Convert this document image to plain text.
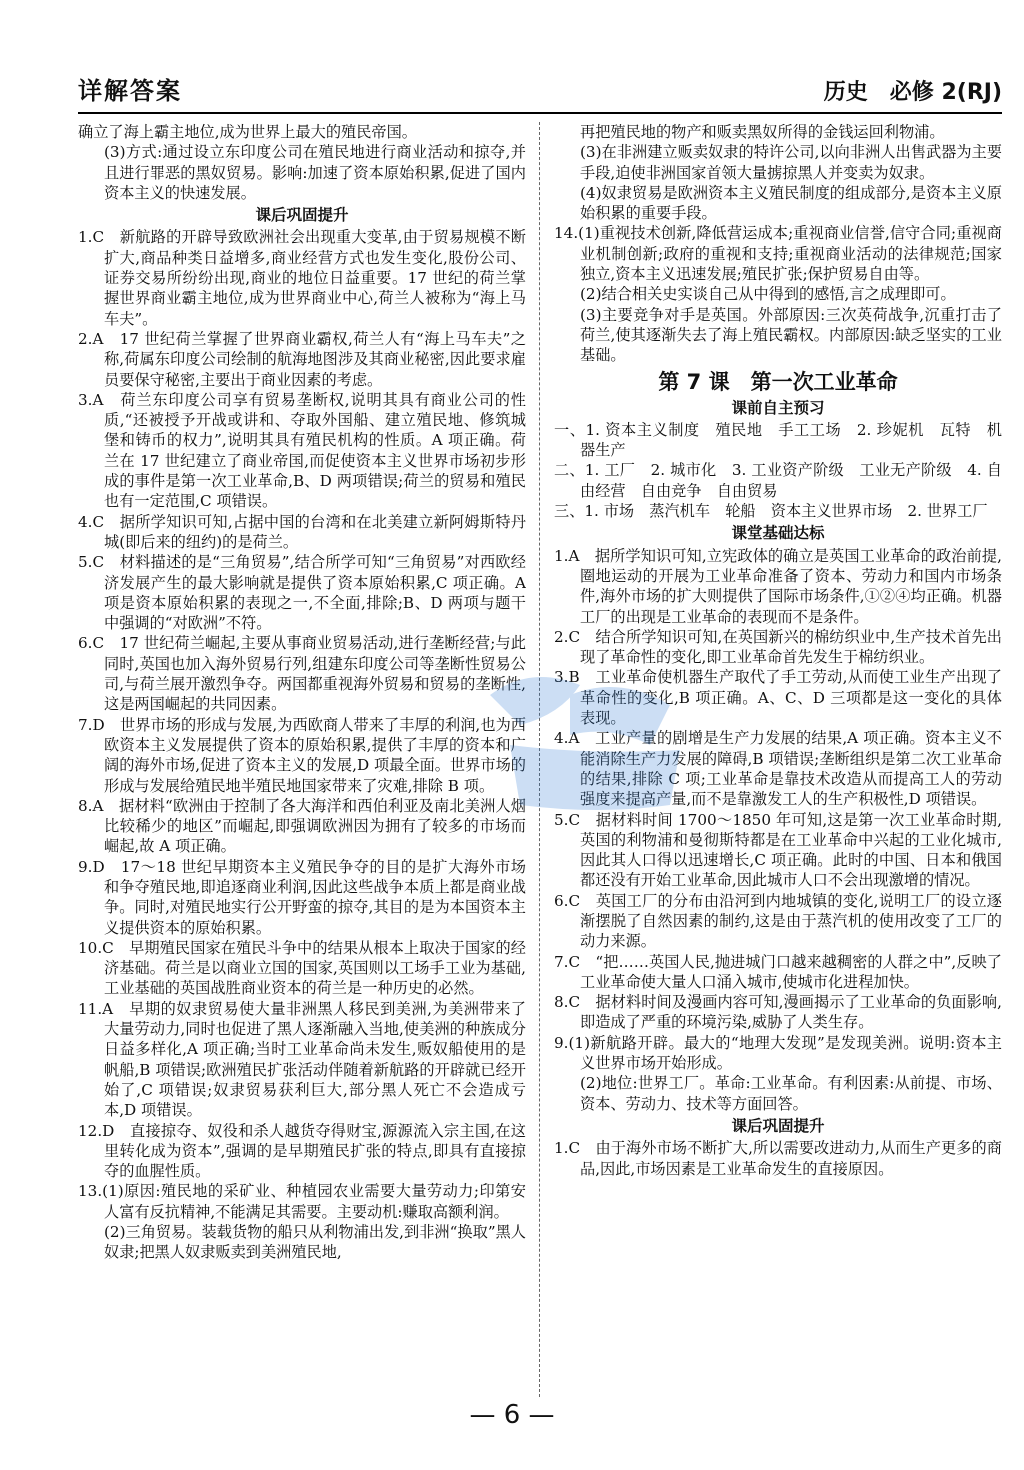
详解答案	历史　必修 2(RJ)
确立了海上霸主地位,成为世界上最大的殖民帝国。
(3)方式:通过设立东印度公司在殖民地进行商业活动和掠夺,并且进行罪恶的黑奴贸易。影响:加速了资本原始积累,促进了国内资本主义的快速发展。
课后巩固提升
1.C　新航路的开辟导致欧洲社会出现重大变革,由于贸易规模不断扩大,商品种类日益增多,商业经营方式也发生变化,股份公司、证券交易所纷纷出现,商业的地位日益重要。17 世纪的荷兰掌握世界商业霸主地位,成为世界商业中心,荷兰人被称为“海上马车夫”。
2.A　17 世纪荷兰掌握了世界商业霸权,荷兰人有“海上马车夫”之称,荷属东印度公司绘制的航海地图涉及其商业秘密,因此要求雇员要保守秘密,主要出于商业因素的考虑。
3.A　荷兰东印度公司享有贸易垄断权,说明其具有商业公司的性质,“还被授予开战或讲和、夺取外国船、建立殖民地、修筑城堡和铸币的权力”,说明其具有殖民机构的性质。A 项正确。荷兰在 17 世纪建立了商业帝国,而促使资本主义世界市场初步形成的事件是第一次工业革命,B、D 两项错误;荷兰的贸易和殖民也有一定范围,C 项错误。
4.C　据所学知识可知,占据中国的台湾和在北美建立新阿姆斯特丹城(即后来的纽约)的是荷兰。
5.C　材料描述的是“三角贸易”,结合所学可知“三角贸易”对西欧经济发展产生的最大影响就是提供了资本原始积累,C 项正确。A 项是资本原始积累的表现之一,不全面,排除;B、D 两项与题干中强调的“对欧洲”不符。
6.C　17 世纪荷兰崛起,主要从事商业贸易活动,进行垄断经营;与此同时,英国也加入海外贸易行列,组建东印度公司等垄断性贸易公司,与荷兰展开激烈争夺。两国都重视海外贸易和贸易的垄断性,这是两国崛起的共同因素。
7.D　世界市场的形成与发展,为西欧商人带来了丰厚的利润,也为西欧资本主义发展提供了资本的原始积累,提供了丰厚的资本和广阔的海外市场,促进了资本主义的发展,D 项最全面。世界市场的形成与发展给殖民地半殖民地国家带来了灾难,排除 B 项。
8.A　据材料“欧洲由于控制了各大海洋和西伯利亚及南北美洲人烟比较稀少的地区”而崛起,即强调欧洲因为拥有了较多的市场而崛起,故 A 项正确。
9.D　17～18 世纪早期资本主义殖民争夺的目的是扩大海外市场和争夺殖民地,即追逐商业利润,因此这些战争本质上都是商业战争。同时,对殖民地实行公开野蛮的掠夺,其目的是为本国资本主义提供资本的原始积累。
10.C　早期殖民国家在殖民斗争中的结果从根本上取决于国家的经济基础。荷兰是以商业立国的国家,英国则以工场手工业为基础,工业基础的英国战胜商业资本的荷兰是一种历史的必然。
11.A　早期的奴隶贸易使大量非洲黑人移民到美洲,为美洲带来了大量劳动力,同时也促进了黑人逐渐融入当地,使美洲的种族成分日益多样化,A 项正确;当时工业革命尚未发生,贩奴船使用的是帆船,B 项错误;欧洲殖民扩张活动伴随着新航路的开辟就已经开始了,C 项错误;奴隶贸易获利巨大,部分黑人死亡不会造成亏本,D 项错误。
12.D　直接掠夺、奴役和杀人越货夺得财宝,源源流入宗主国,在这里转化成为资本”,强调的是早期殖民扩张的特点,即具有直接掠夺的血腥性质。
13.(1)原因:殖民地的采矿业、种植园农业需要大量劳动力;印第安人富有反抗精神,不能满足其需要。主要动机:赚取高额利润。
(2)三角贸易。装载货物的船只从利物浦出发,到非洲“换取”黑人奴隶;把黑人奴隶贩卖到美洲殖民地,
再把殖民地的物产和贩卖黑奴所得的金钱运回利物浦。
(3)在非洲建立贩卖奴隶的特许公司,以向非洲人出售武器为主要手段,迫使非洲国家首领大量掳掠黑人并变卖为奴隶。
(4)奴隶贸易是欧洲资本主义殖民制度的组成部分,是资本主义原始积累的重要手段。
14.(1)重视技术创新,降低营运成本;重视商业信誉,信守合同;重视商业机制创新;政府的重视和支持;重视商业活动的法律规范;国家独立,资本主义迅速发展;殖民扩张;保护贸易自由等。
(2)结合相关史实谈自己从中得到的感悟,言之成理即可。
(3)主要竞争对手是英国。外部原因:三次英荷战争,沉重打击了荷兰,使其逐渐失去了海上殖民霸权。内部原因:缺乏坚实的工业基础。
第 7 课　第一次工业革命
课前自主预习
一、1. 资本主义制度　殖民地　手工工场　2. 珍妮机　瓦特　机器生产
二、1. 工厂　2. 城市化　3. 工业资产阶级　工业无产阶级　4. 自由经营　自由竞争　自由贸易
三、1. 市场　蒸汽机车　轮船　资本主义世界市场　2. 世界工厂
课堂基础达标
1.A　据所学知识可知,立宪政体的确立是英国工业革命的政治前提,圈地运动的开展为工业革命准备了资本、劳动力和国内市场条件,海外市场的扩大则提供了国际市场条件,①②④均正确。机器工厂的出现是工业革命的表现而不是条件。
2.C　结合所学知识可知,在英国新兴的棉纺织业中,生产技术首先出现了革命性的变化,即工业革命首先发生于棉纺织业。
3.B　工业革命使机器生产取代了手工劳动,从而使工业生产出现了革命性的变化,B 项正确。A、C、D 三项都是这一变化的具体表现。
4.A　工业产量的剧增是生产力发展的结果,A 项正确。资本主义不能消除生产力发展的障碍,B 项错误;垄断组织是第二次工业革命的结果,排除 C 项;工业革命是靠技术改造从而提高工人的劳动强度来提高产量,而不是靠激发工人的生产积极性,D 项错误。
5.C　据材料时间 1700～1850 年可知,这是第一次工业革命时期,英国的利物浦和曼彻斯特都是在工业革命中兴起的工业化城市,因此其人口得以迅速增长,C 项正确。此时的中国、日本和俄国都还没有开始工业革命,因此城市人口不会出现激增的情况。
6.C　英国工厂的分布由沿河到内地城镇的变化,说明工厂的设立逐渐摆脱了自然因素的制约,这是由于蒸汽机的使用改变了工厂的动力来源。
7.C　“把……英国人民,抛进城门口越来越稠密的人群之中”,反映了工业革命使大量人口涌入城市,使城市化进程加快。
8.C　据材料时间及漫画内容可知,漫画揭示了工业革命的负面影响,即造成了严重的环境污染,威胁了人类生存。
9.(1)新航路开辟。最大的“地理大发现”是发现美洲。说明:资本主义世界市场开始形成。
(2)地位:世界工厂。革命:工业革命。有利因素:从前提、市场、资本、劳动力、技术等方面回答。
课后巩固提升
1.C　由于海外市场不断扩大,所以需要改进动力,从而生产更多的商品,因此,市场因素是工业革命发生的直接原因。
— 6 —
